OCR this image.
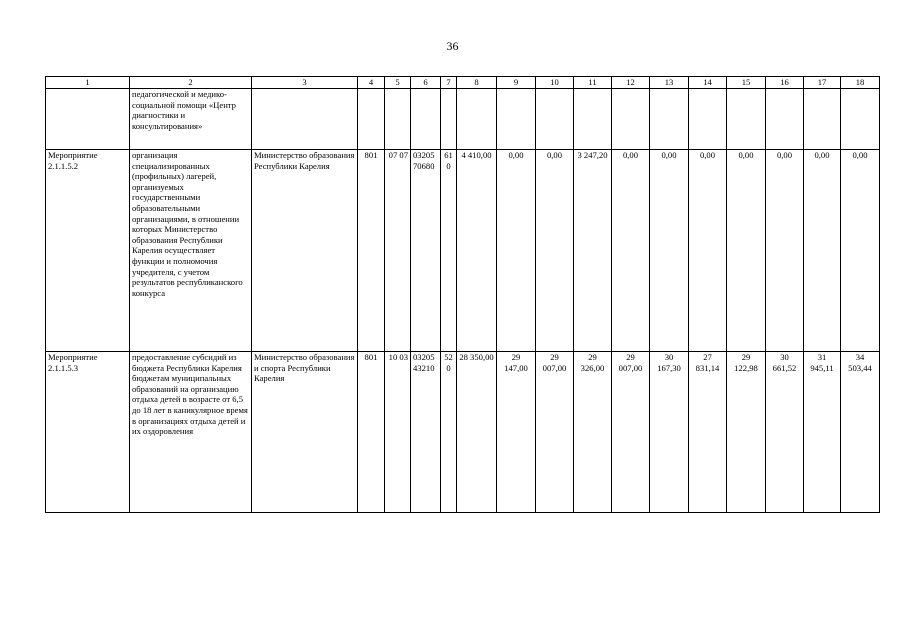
36
1	2	3	4	5	6	7	8	9	10	11	12	13	14	15	16	17	18
	педагогической и медико-социальной помощи «Центр диагностики и консультирования»																
Мероприятие 2.1.1.5.2	организация специализированных (профильных) лагерей, организуемых государственными образовательными организациями, в отношении которых Министерство образования Республики Карелия осуществляет функции и полномочия учредителя, с учетом результатов республиканского конкурса	Министерство образования Республики Карелия	801	07 07	03205 70680	610	4 410,00	0,00	0,00	3 247,20	0,00	0,00	0,00	0,00	0,00	0,00	0,00
Мероприятие 2.1.1.5.3	предоставление субсидий из бюджета Республики Карелия бюджетам муниципальных образований на организацию отдыха детей в возрасте от 6,5 до 18 лет в каникулярное время в организациях отдыха детей и их оздоровления	Министерство образования и спорта Республики Карелия	801	10 03	03205 43210	520	28 350,00	29 147,00	29 007,00	29 326,00	29 007,00	30 167,30	27 831,14	29 122,98	30 661,52	31 945,11	34 503,44
